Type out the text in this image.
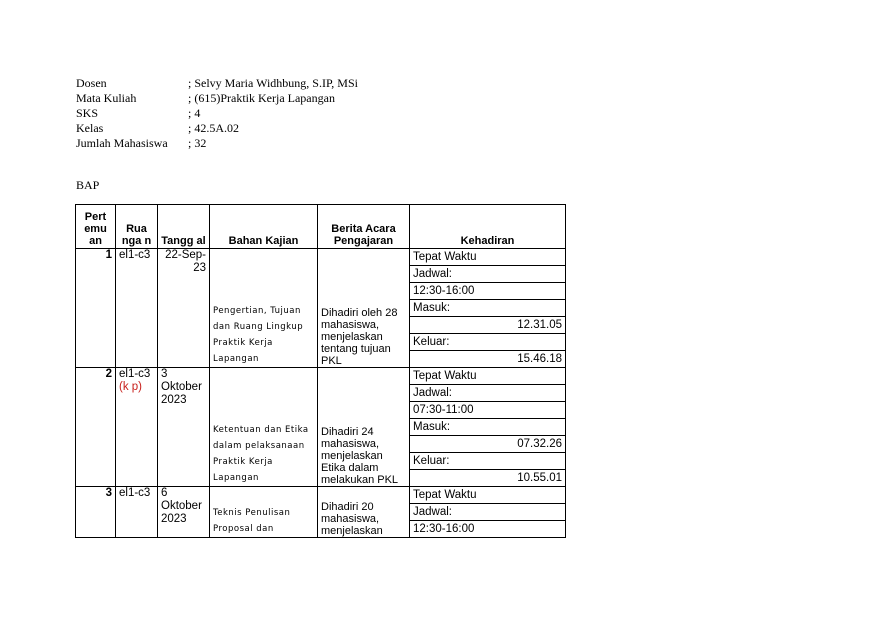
Dosen	; Selvy Maria Widhbung, S.IP, MSi
Mata Kuliah	; (615)Praktik Kerja Lapangan
SKS	; 4
Kelas	; 42.5A.02
Jumlah Mahasiswa	; 32
BAP
Pert emu an	Rua nga n	Tangg al	Bahan Kajian	Berita Acara Pengajaran	Kehadiran
1	el1-c3	22-Sep-23	Pengertian, Tujuan dan Ruang Lingkup Praktik Kerja Lapangan	Dihadiri oleh 28 mahasiswa, menjelaskan tentang tujuan PKL	Tepat Waktu
					Jadwal:
					12:30-16:00
					Masuk:
					12.31.05
					Keluar:
					15.46.18
2	el1-c3 (k p)	3 Oktober 2023	Ketentuan dan Etika dalam pelaksanaan Praktik Kerja Lapangan	Dihadiri 24 mahasiswa, menjelaskan Etika dalam melakukan PKL	Tepat Waktu
					Jadwal:
					07:30-11:00
					Masuk:
					07.32.26
					Keluar:
					10.55.01
3	el1-c3	6 Oktober 2023	Teknis Penulisan Proposal dan	Dihadiri 20 mahasiswa, menjelaskan	Tepat Waktu
					Jadwal:
					12:30-16:00
